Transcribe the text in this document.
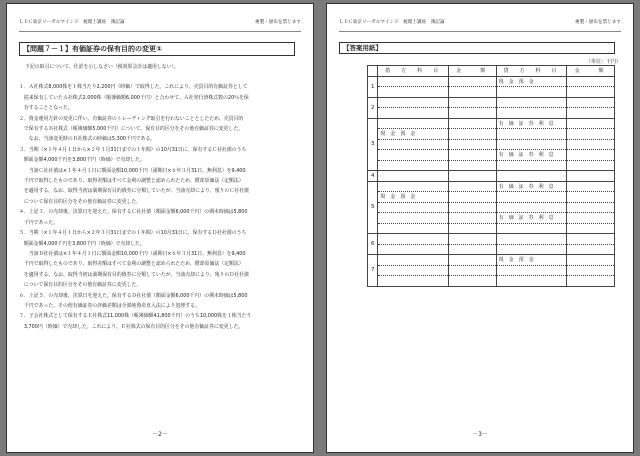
ＬＥＣ東京リーガルマインド　税理士講座　簿記論	複製・頒布を禁じます
【問題７－１】有価証券の保有目的の変更①

下記の取引について、仕訳を示しなさい（税効果会計は適用しない）。

１．Ａ社株式8,000株を１株当たり2,200円（時価）で取得した。これにより、売買目的有価証券として

　従来保有していたＡ社株式2,000株（帳簿価額6,000千円）と合わせて、Ａ社発行済株式数の20％を保

　有することとなった。

２．資金運用方針の変更に伴い、有価証券のトレーディング取引を行わないこととしたため、売買目的

　で保有するＢ社株式（帳簿価額5,000千円）について、保有目的区分をその他有価証券に変更した。

　　なお、当該変更時のＢ社株式の時価は5,300千円である。

３．当期（×１年４月１日から×２年３月31日までの１年間）の10月31日に、保有するＣ社社債のうち

　額面金額4,000千円を3,800千円（時価）で売却した。

　　当該Ｃ社社債は×１年４月１日に額面金額10,000千円（満期日×６年３月31日、無利息）を9,400

　千円で取得したものであり、取得差額はすべて金利の調整と認められたため、償却原価法（定額法）

　を適用する。なお、取得当初は満期保有目的債券に分類していたが、当該売却により、残りのＣ社社債

　について保有目的区分をその他有価証券に変更した。

４．上記３．の売却後、決算日を迎えた。保有するＣ社社債（額面金額6,000千円）の期末時価は5,800

　千円であった。

５．当期（×１年４月１日から×２年３月31日までの１年間）の10月31日に、保有するＤ社社債のうち

　額面金額4,000千円を3,800千円（時価）で売却した。

　　当該Ｄ社社債は×１年４月１日に額面金額10,000千円（満期日×６年３月31日、無利息）を9,400

　千円で取得したものであり、取得差額はすべて金利の調整と認められたため、償却原価法（定額法）

　を適用する。なお、取得当初は満期保有目的債券に分類していたが、当該売却により、残りのＤ社社債

　について保有目的区分をその他有価証券に変更した。

６．上記５．の売却後、決算日を迎えた。保有するＤ社社債（額面金額6,000千円）の期末時価は5,800

　千円であった。その他有価証券の評価差額は全部純資産直入法により処理する。

７．子会社株式として保有するＥ社株式11,000株（帳簿価額41,800千円）のうち10,000株を１株当たり

　3,700円（時価）で売却した。これにより、Ｅ社株式の保有目的区分をその他有価証券に変更した。

－2－
ＬＥＣ東京リーガルマインド　税理士講座　簿記論	複製・頒布を禁じます
【答案用紙】
（単位：千円）
	借　方　科　目	金　　額	貸　方　科　目	金　　額
1			現　金　預　金	

2				

3			有　価　証　券　利　息	
	現　金　預　金			

			有　価　証　券　利　息	

4				
5			有　価　証　券　利　息	
	現　金　預　金			

			有　価　証　券　利　息	

6				

7			現　金　預　金	

－3－
